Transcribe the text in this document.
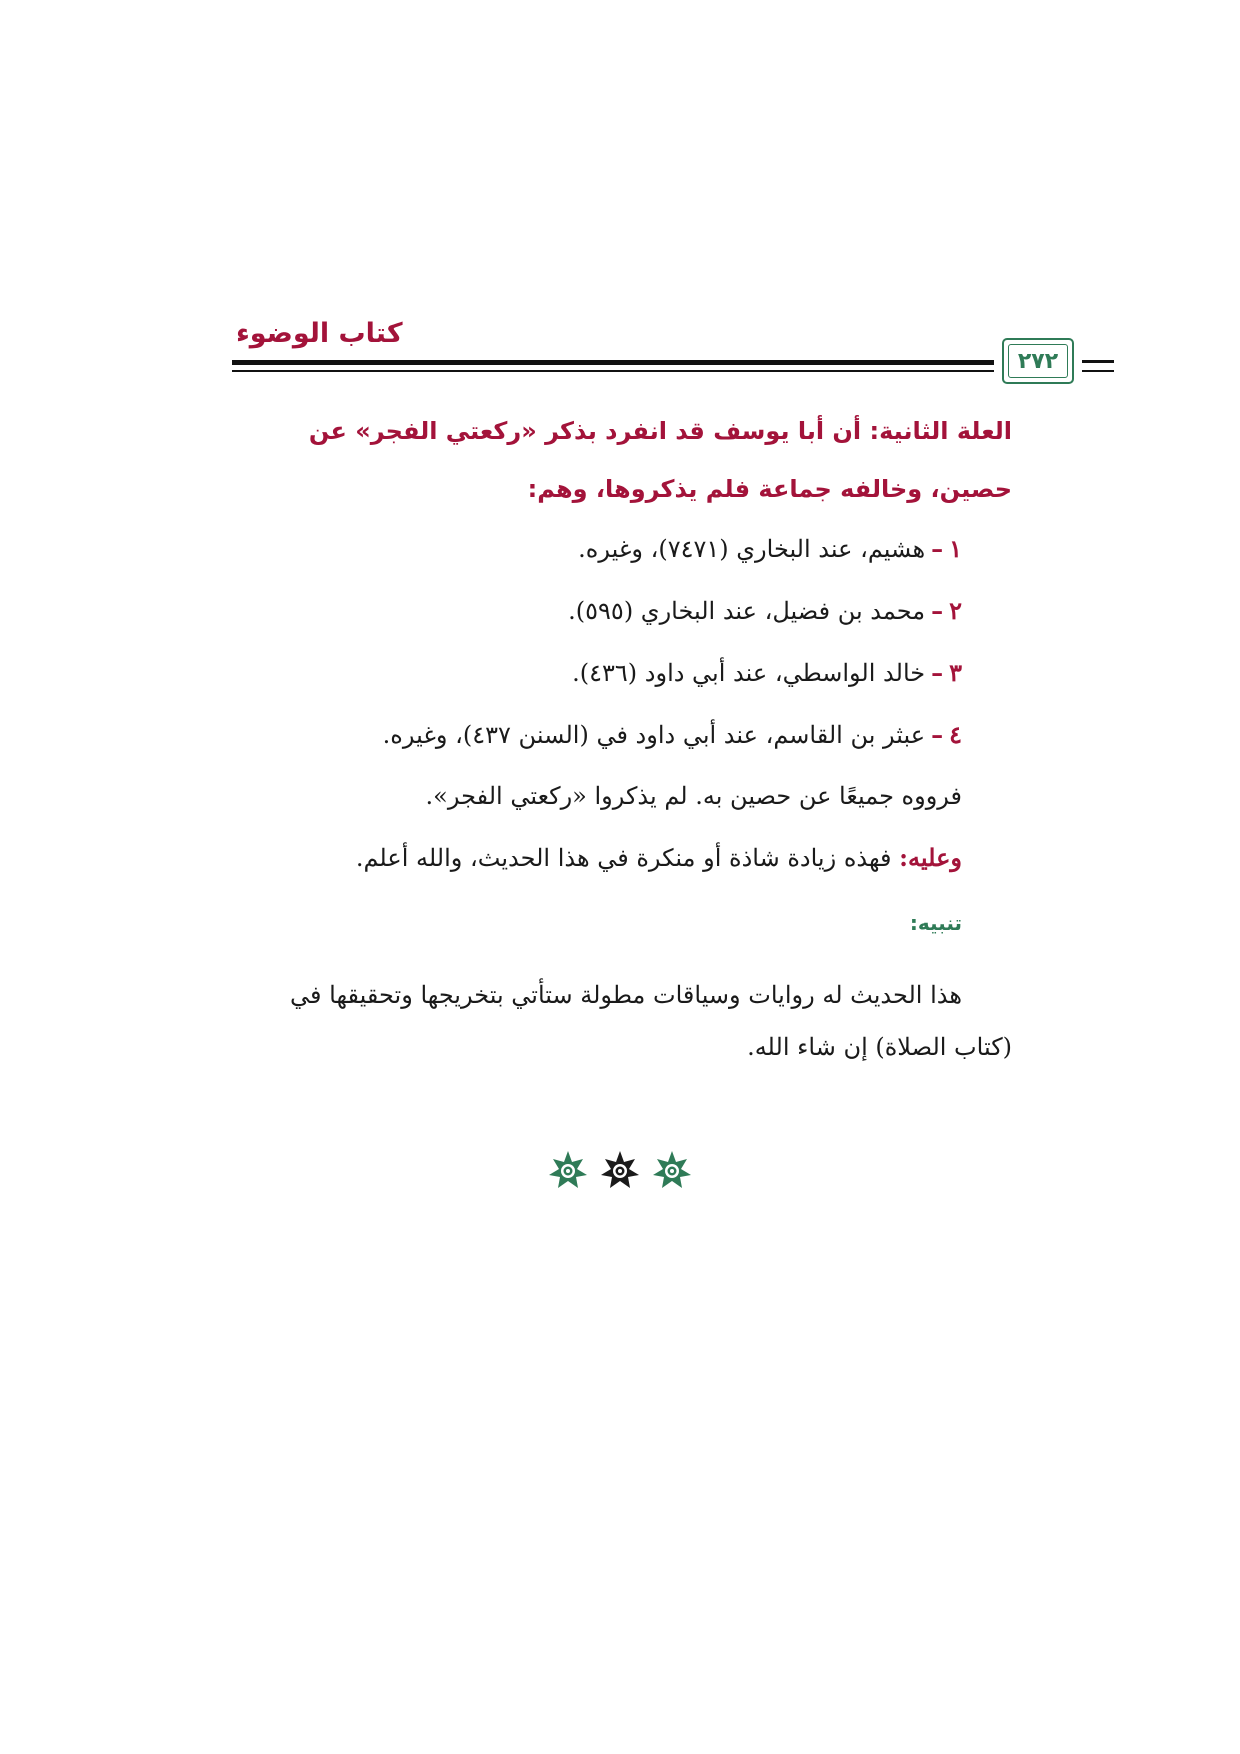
كتاب الوضوء
٢٧٢

العلة الثانية: أن أبا يوسف قد انفرد بذكر «ركعتي الفجر» عن حصين، وخالفه جماعة فلم يذكروها، وهم:

١–هشيم، عند البخاري (٧٤٧١)، وغيره.

٢–محمد بن فضيل، عند البخاري (٥٩٥).

٣–خالد الواسطي، عند أبي داود (٤٣٦).

٤–عبثر بن القاسم، عند أبي داود في (السنن ٤٣٧)، وغيره.

فرووه جميعًا عن حصين به. لم يذكروا «ركعتي الفجر».

وعليه: فهذه زيادة شاذة أو منكرة في هذا الحديث، والله أعلم.

تنبيه:

هذا الحديث له روايات وسياقات مطولة ستأتي بتخريجها وتحقيقها في (كتاب الصلاة) إن شاء الله.
